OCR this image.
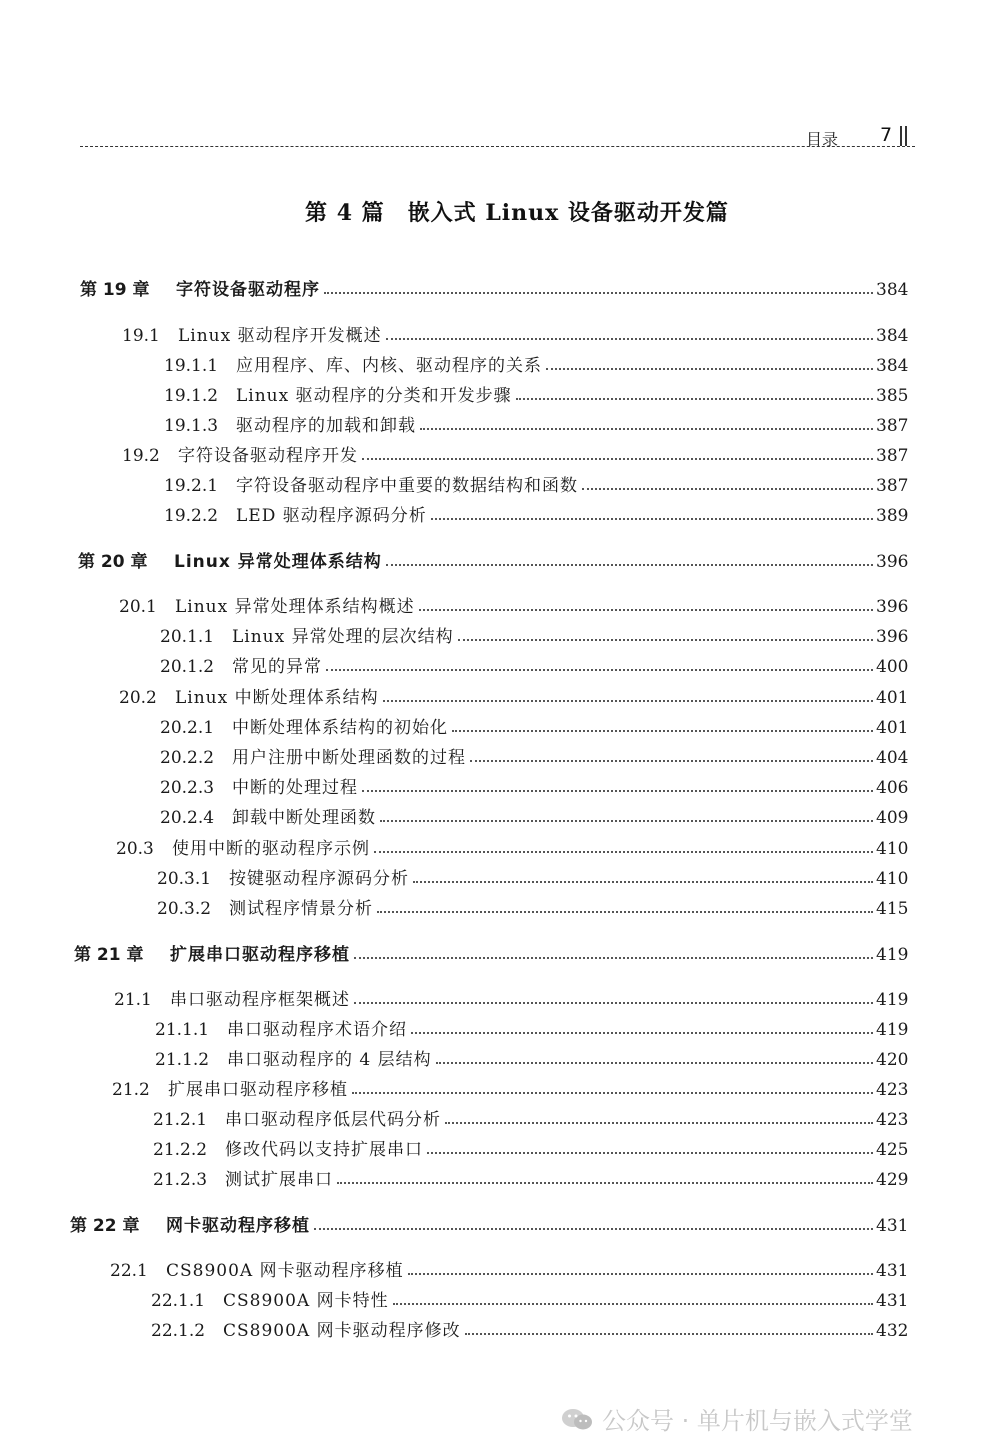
目录 7
第 4 篇　嵌入式 Linux 设备驱动开发篇
第 19 章 字符设备驱动程序	384
19.1 Linux 驱动程序开发概述	384
19.1.1 应用程序、库、内核、驱动程序的关系	384
19.1.2 Linux 驱动程序的分类和开发步骤	385
19.1.3 驱动程序的加载和卸载	387
19.2 字符设备驱动程序开发	387
19.2.1 字符设备驱动程序中重要的数据结构和函数	387
19.2.2 LED 驱动程序源码分析	389
第 20 章 Linux 异常处理体系结构	396
20.1 Linux 异常处理体系结构概述	396
20.1.1 Linux 异常处理的层次结构	396
20.1.2 常见的异常	400
20.2 Linux 中断处理体系结构	401
20.2.1 中断处理体系结构的初始化	401
20.2.2 用户注册中断处理函数的过程	404
20.2.3 中断的处理过程	406
20.2.4 卸载中断处理函数	409
20.3 使用中断的驱动程序示例	410
20.3.1 按键驱动程序源码分析	410
20.3.2 测试程序情景分析	415
第 21 章 扩展串口驱动程序移植	419
21.1 串口驱动程序框架概述	419
21.1.1 串口驱动程序术语介绍	419
21.1.2 串口驱动程序的 4 层结构	420
21.2 扩展串口驱动程序移植	423
21.2.1 串口驱动程序低层代码分析	423
21.2.2 修改代码以支持扩展串口	425
21.2.3 测试扩展串口	429
第 22 章 网卡驱动程序移植	431
22.1 CS8900A 网卡驱动程序移植	431
22.1.1 CS8900A 网卡特性	431
22.1.2 CS8900A 网卡驱动程序修改	432
公众号 · 单片机与嵌入式学堂
